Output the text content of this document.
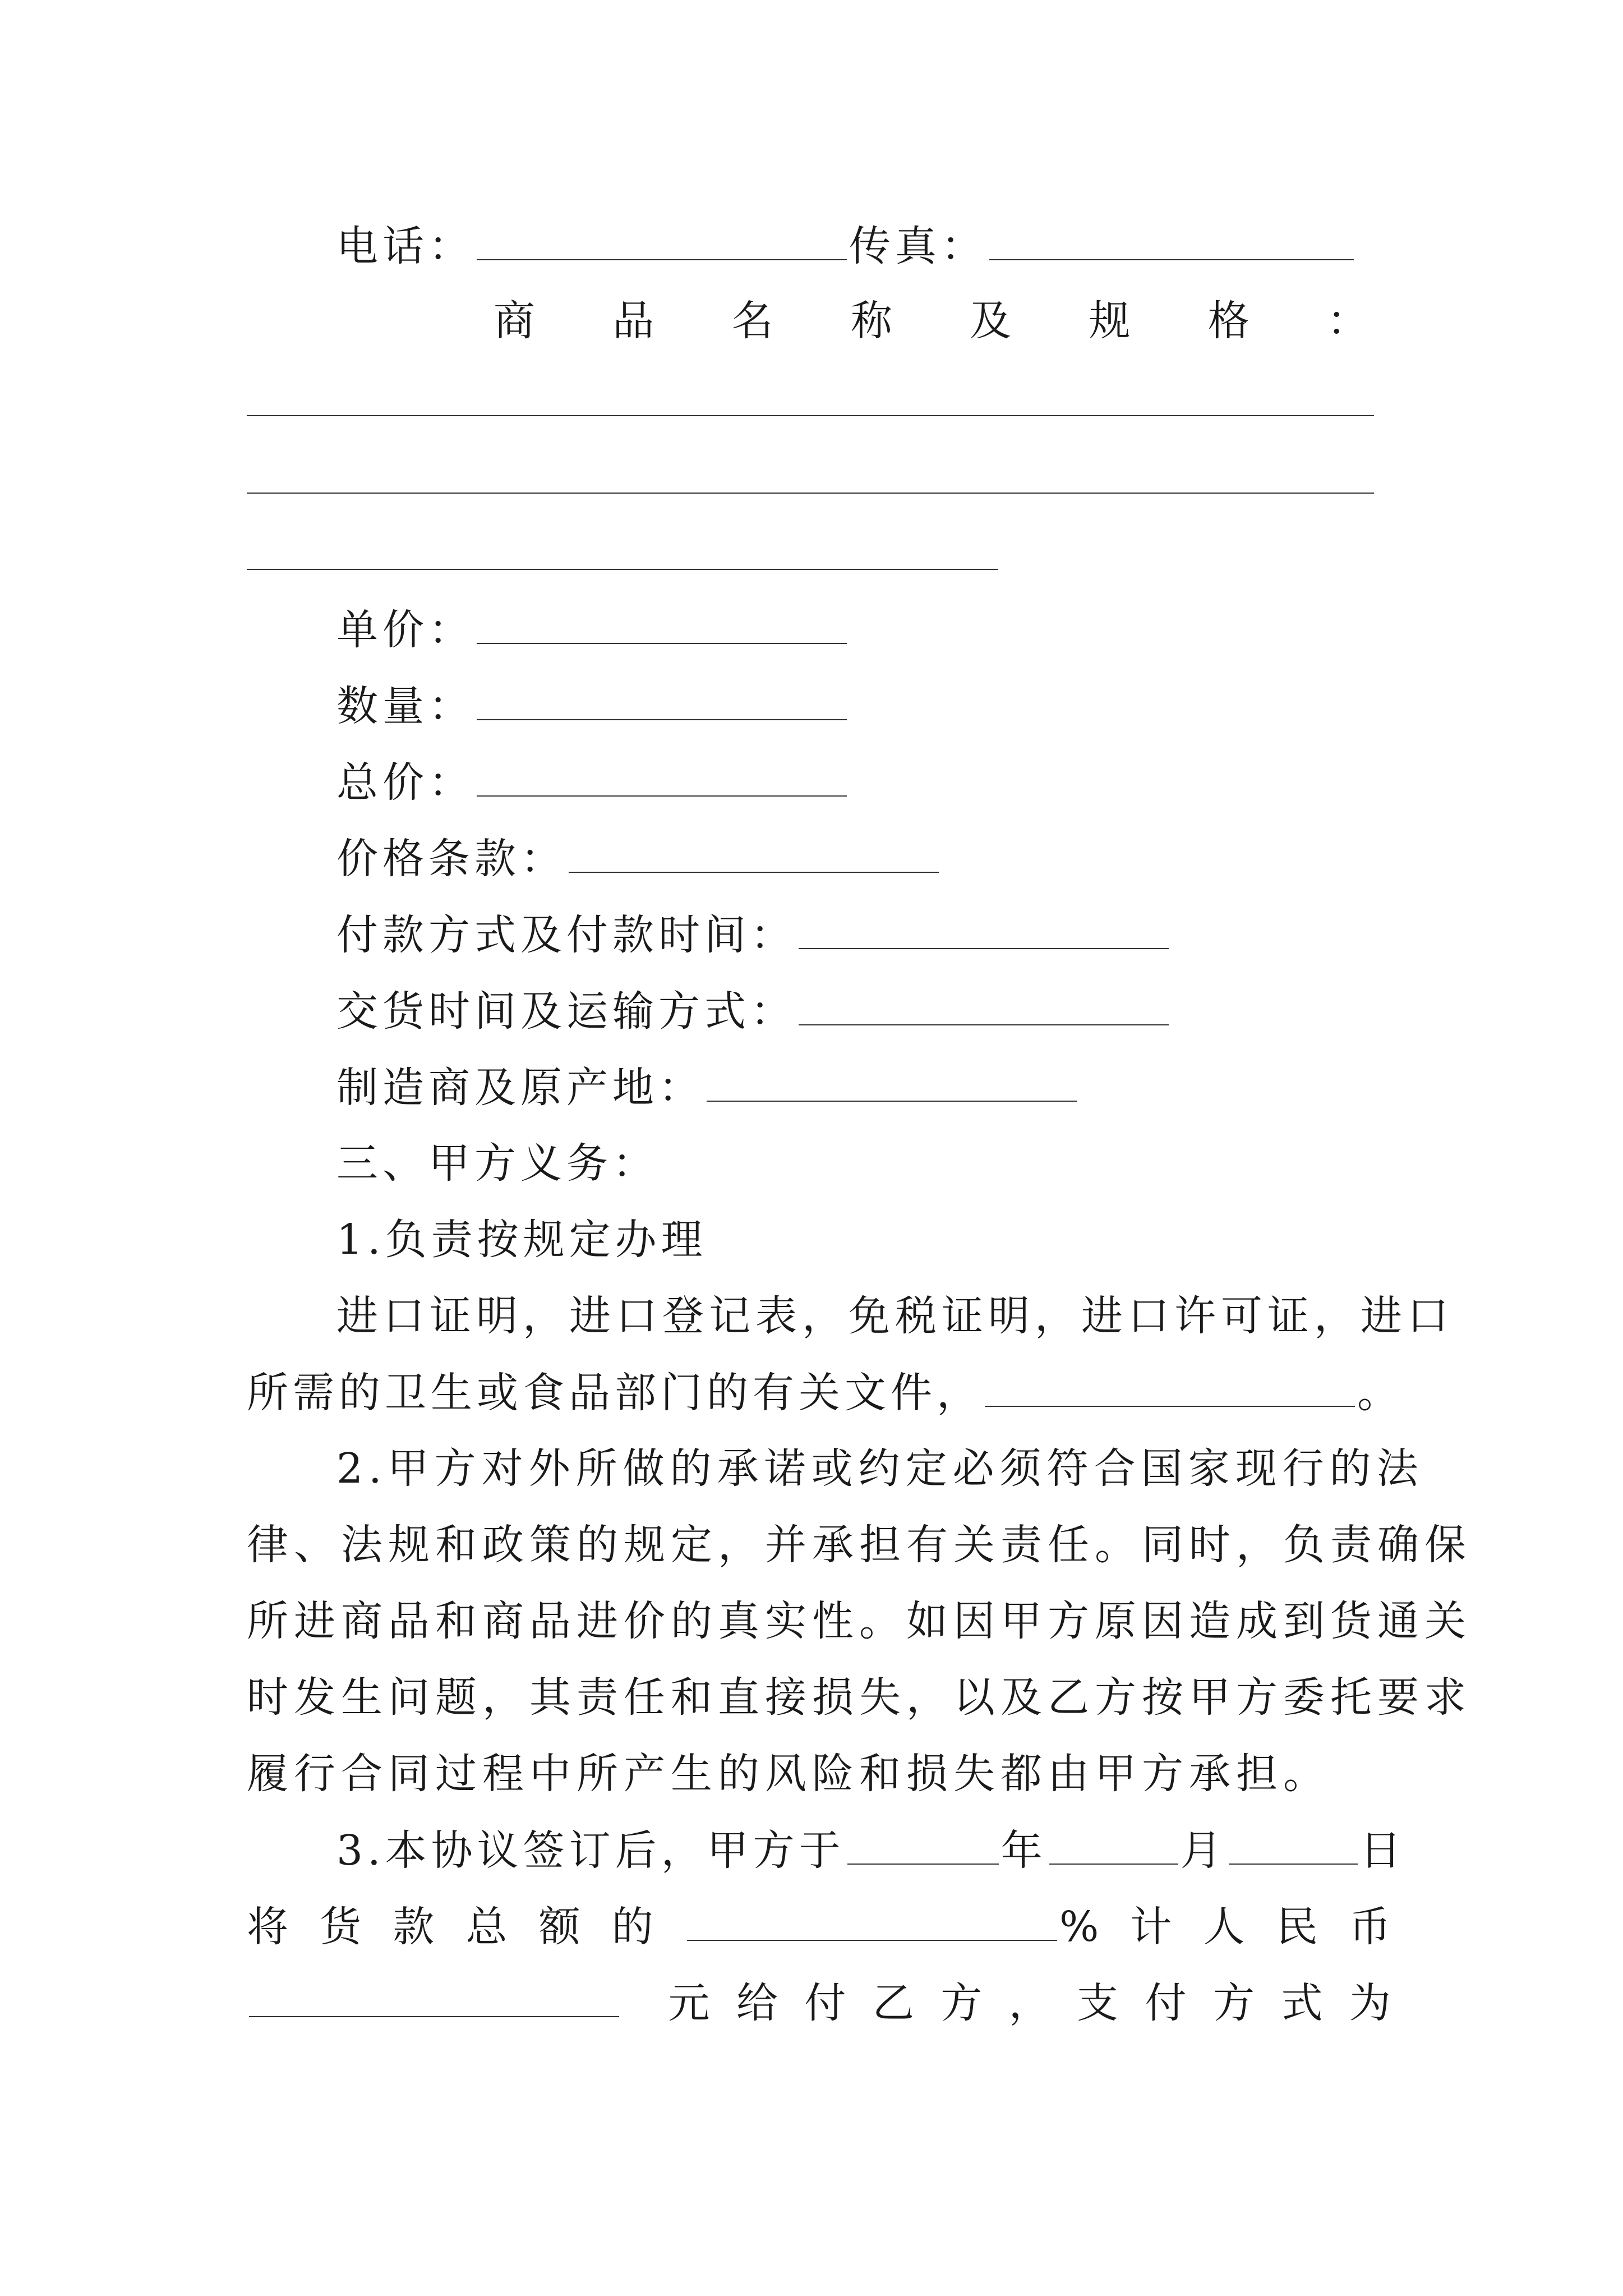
电话：	传真：
商 品 名 称 及 规 格 ：
单价：
数量：
总价：
价格条款：
付款方式及付款时间：
交货时间及运输方式：
制造商及原产地：
三、甲方义务：
1.负责按规定办理
进口证明，进口登记表，免税证明，进口许可证，进口
所需的卫生或食品部门的有关文件，	。
2.甲方对外所做的承诺或约定必须符合国家现行的法
律、法规和政策的规定，并承担有关责任。同时，负责确保
所进商品和商品进价的真实性。如因甲方原因造成到货通关
时发生问题，其责任和直接损失，以及乙方按甲方委托要求
履行合同过程中所产生的风险和损失都由甲方承担。
3.本协议签订后，甲方于	年	月	日
将 货 款 总 额 的	% 计 人 民 币
元 给 付 乙 方 ， 支 付 方 式 为
